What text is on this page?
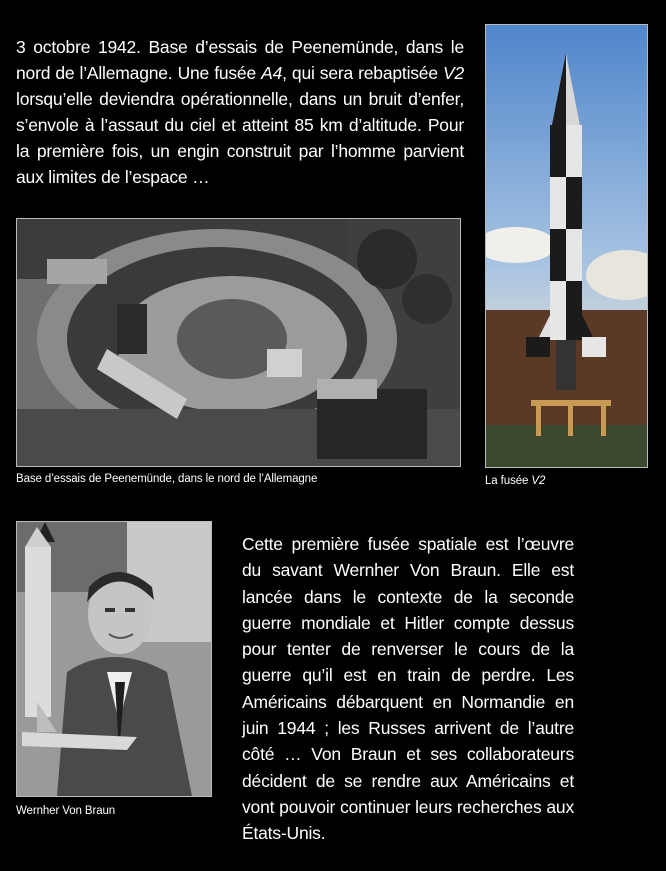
3 octobre 1942. Base d’essais de Peenemünde, dans le nord de l’Allemagne. Une fusée A4, qui sera rebaptisée V2 lorsqu’elle deviendra opérationnelle, dans un bruit d’enfer, s’envole à l’assaut du ciel et atteint 85 km d’altitude. Pour la première fois, un engin construit par l’homme parvient aux limites de l’espace …
Base d’essais de Peenemünde, dans le nord de l’Allemagne	La fusée V2
Wernher Von Braun
Cette première fusée spatiale est l’œuvre du savant Wernher Von Braun. Elle est lancée dans le contexte de la seconde guerre mondiale et Hitler compte dessus pour tenter de renverser le cours de la guerre qu’il est en train de perdre. Les Américains débarquent en Normandie en juin 1944 ; les Russes arrivent de l’autre côté … Von Braun et ses collaborateurs décident de se rendre aux Américains et vont pouvoir continuer leurs recherches aux États-Unis.
